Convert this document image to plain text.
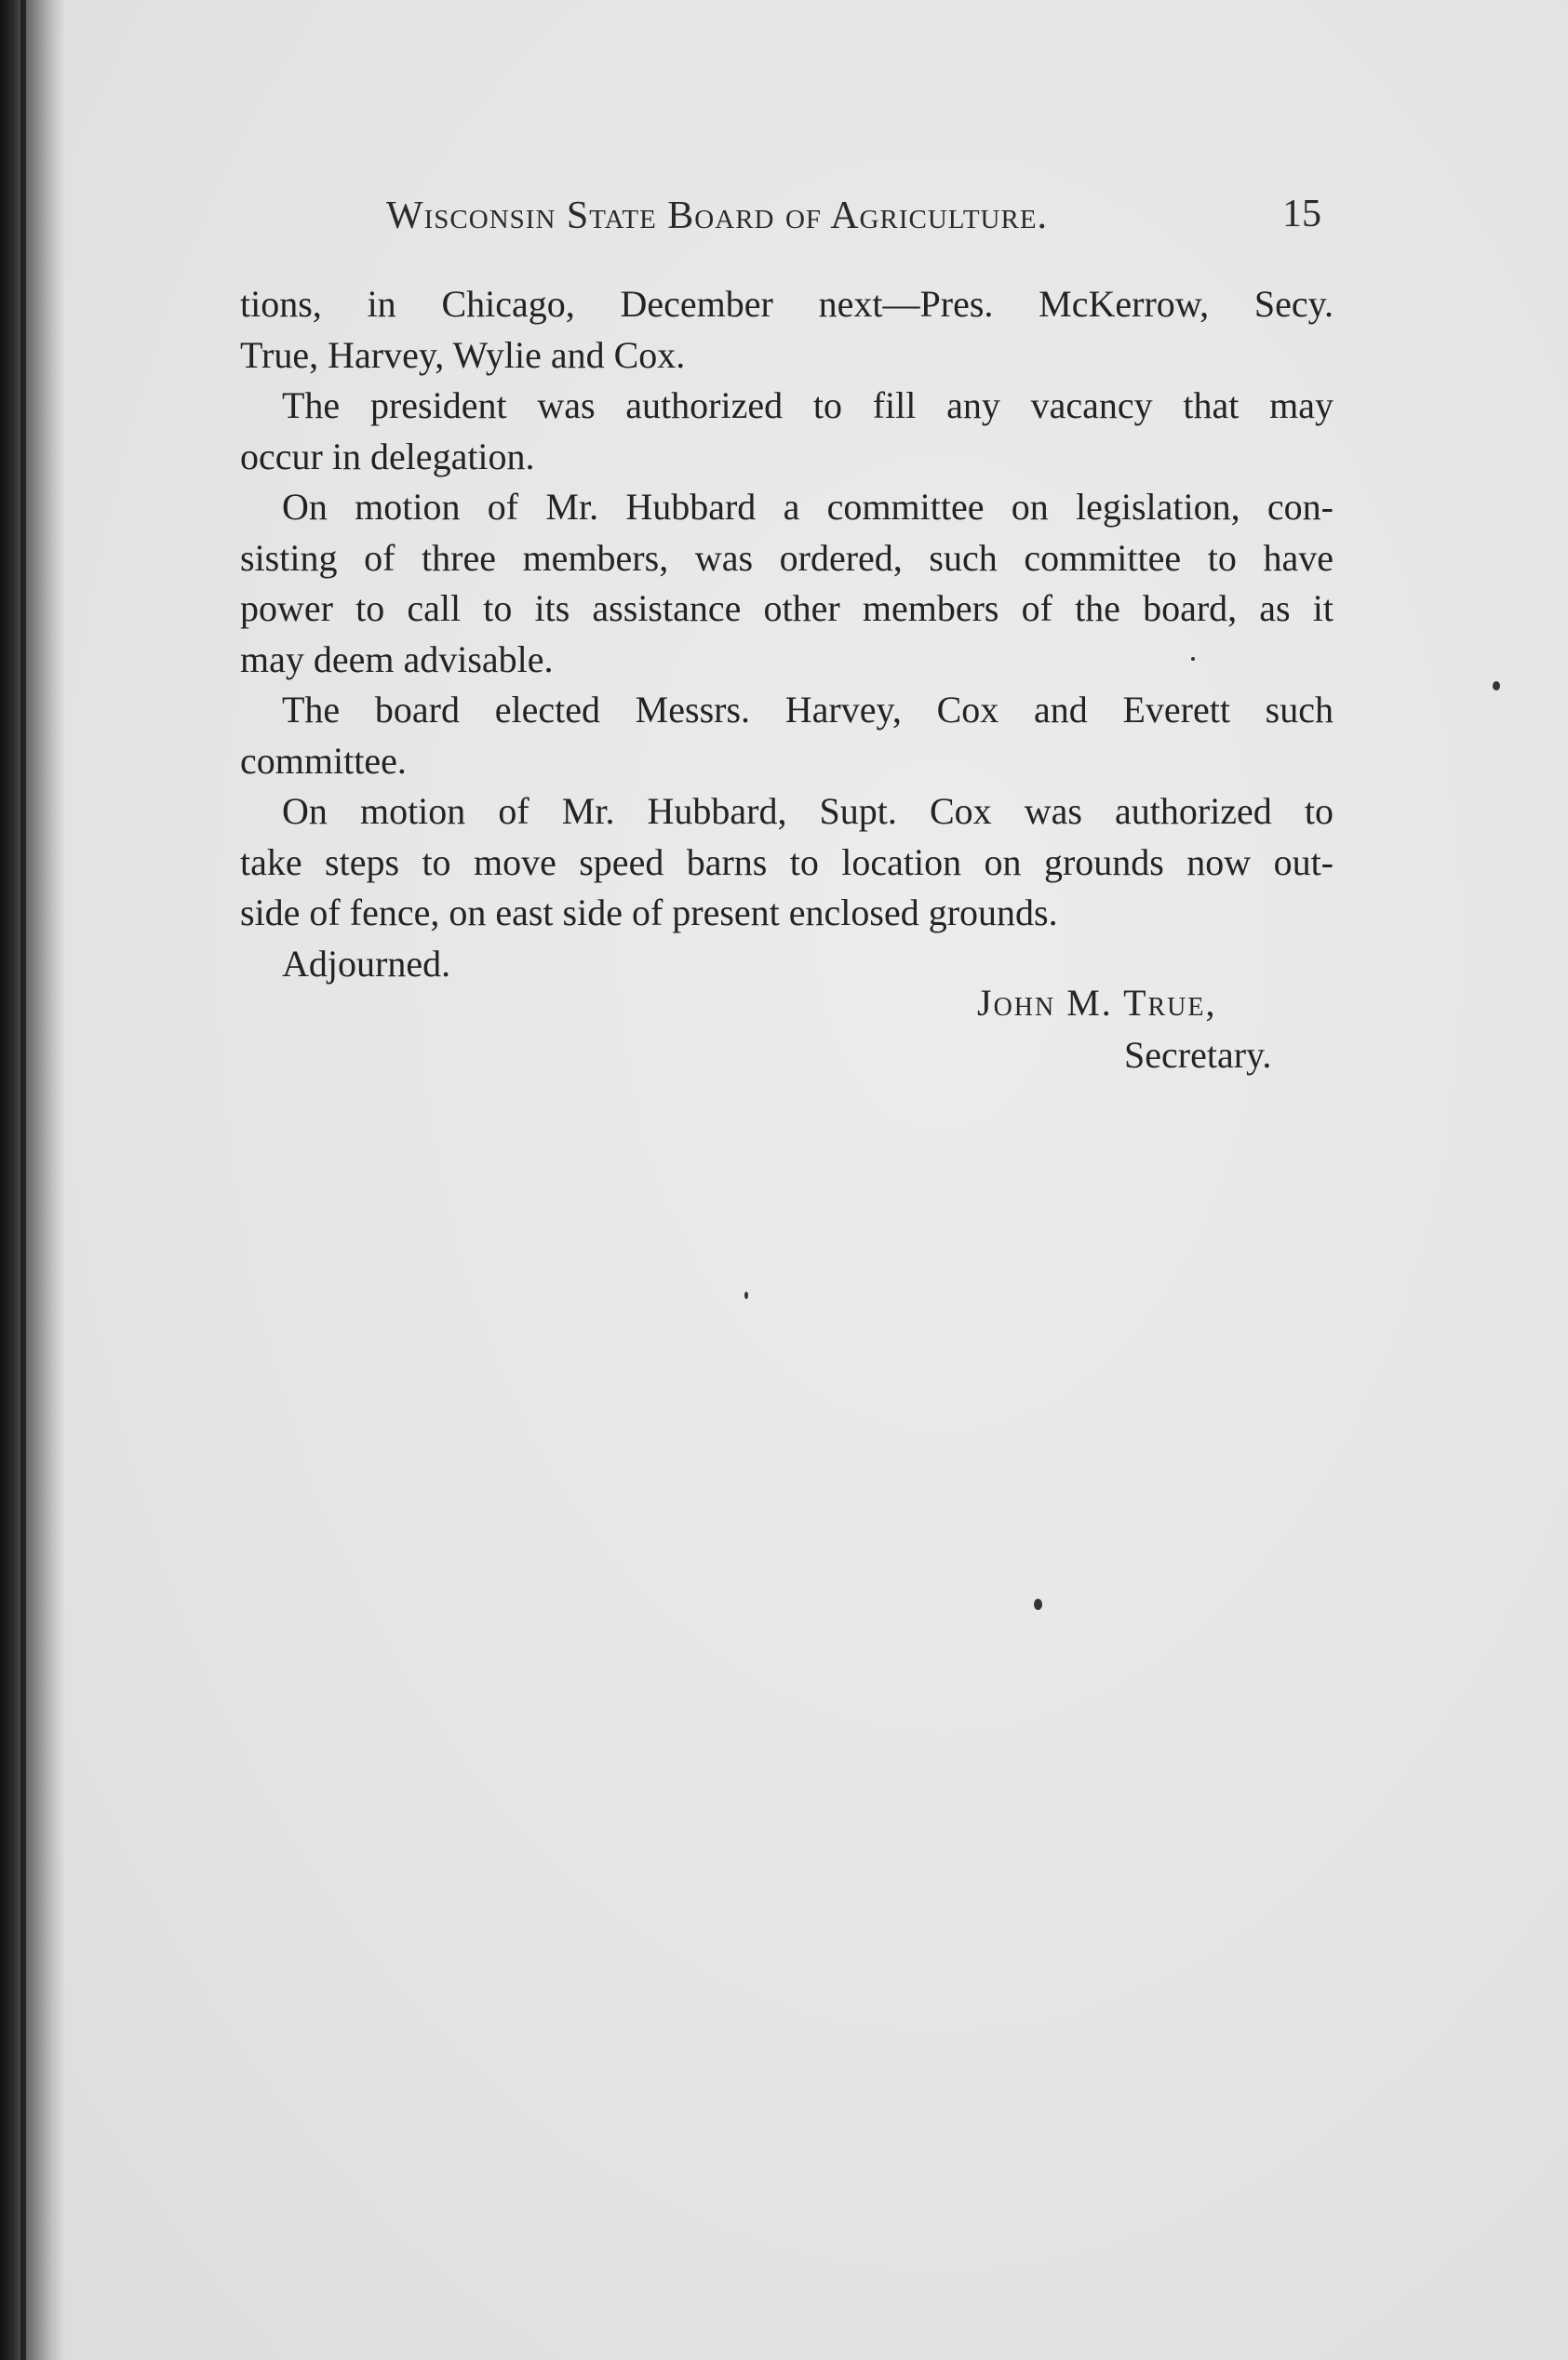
Wisconsin State Board of Agriculture.	15
tions, in Chicago, December next—Pres. McKerrow, Secy.
True, Harvey, Wylie and Cox.
The president was authorized to fill any vacancy that may
occur in delegation.
On motion of Mr. Hubbard a committee on legislation, con-
sisting of three members, was ordered, such committee to have
power to call to its assistance other members of the board, as it
may deem advisable.
The board elected Messrs. Harvey, Cox and Everett such
committee.
On motion of Mr. Hubbard, Supt. Cox was authorized to
take steps to move speed barns to location on grounds now out-
side of fence, on east side of present enclosed grounds.
Adjourned.
John M. True,
Secretary.
